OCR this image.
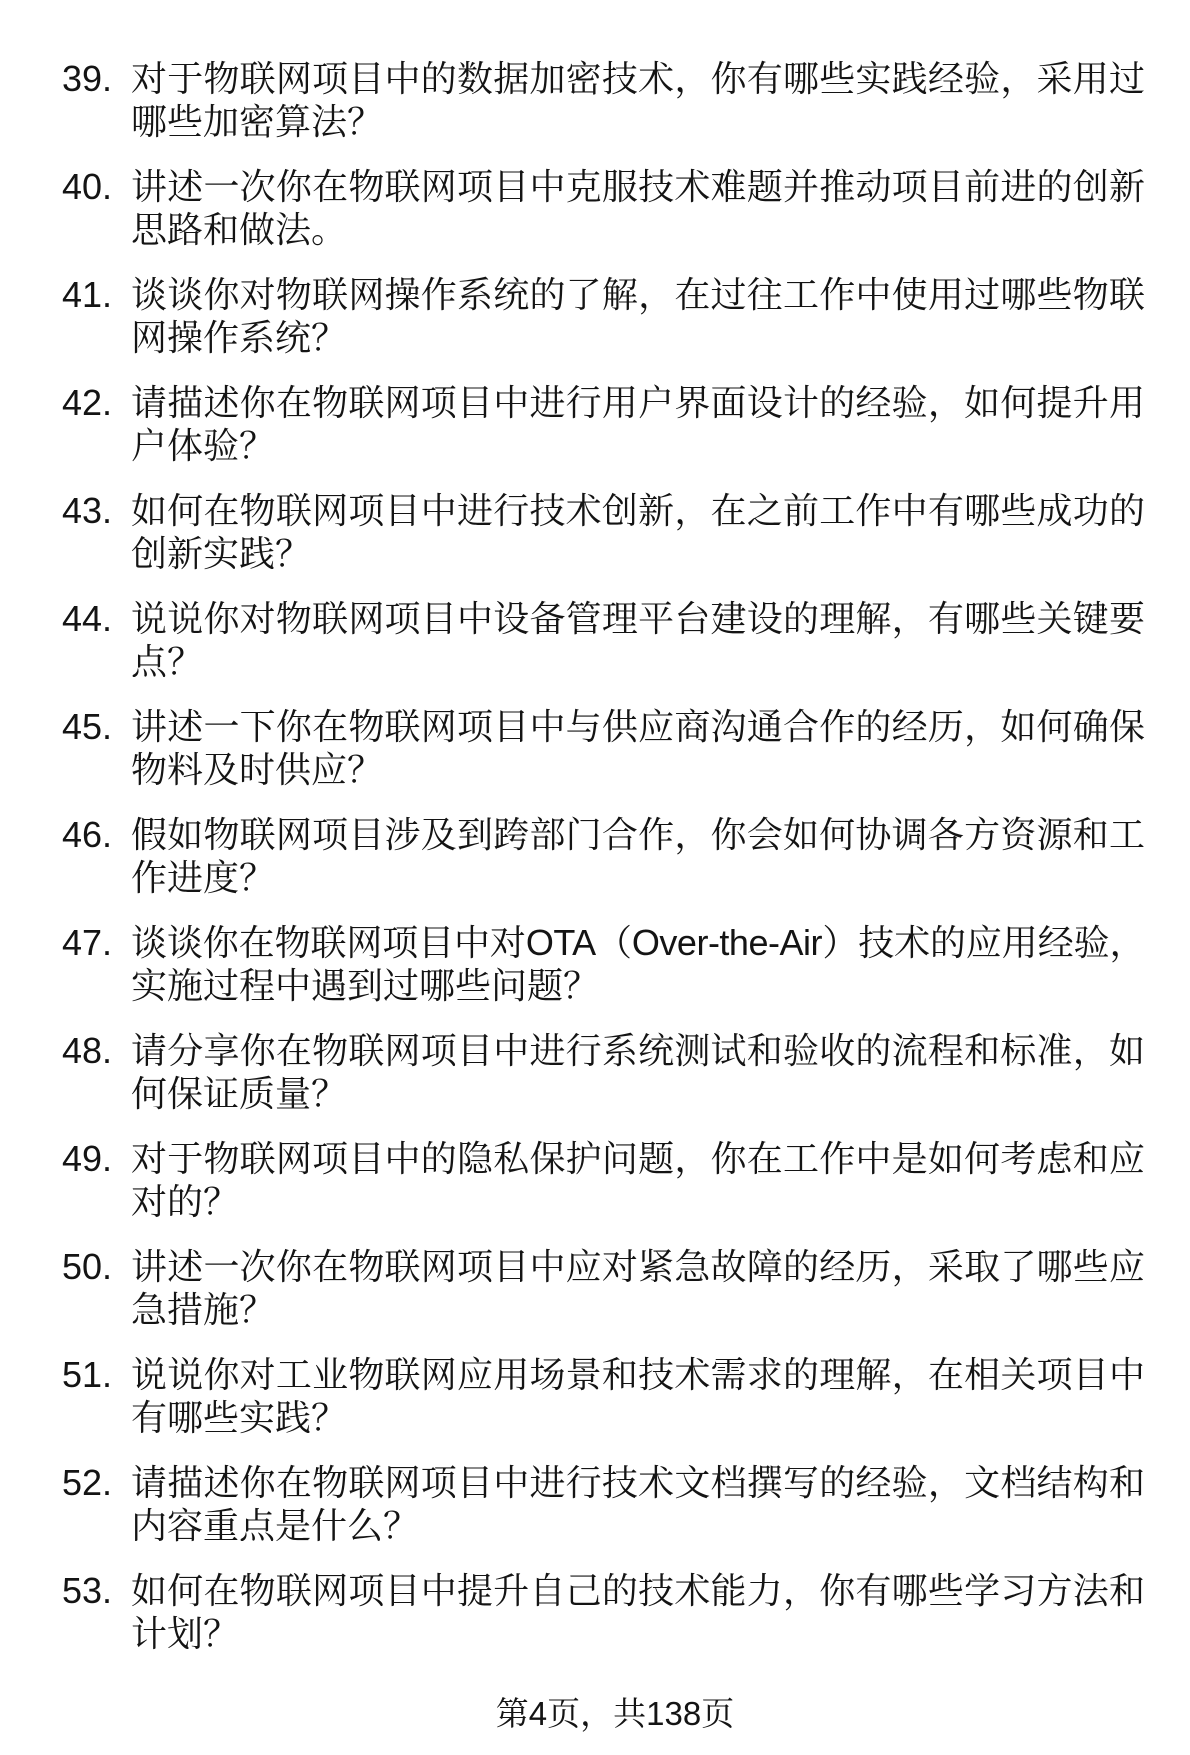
39. 对于物联网项目中的数据加密技术，你有哪些实践经验，采用过
哪些加密算法？
40. 讲述一次你在物联网项目中克服技术难题并推动项目前进的创新
思路和做法。
41. 谈谈你对物联网操作系统的了解，在过往工作中使用过哪些物联
网操作系统？
42. 请描述你在物联网项目中进行用户界面设计的经验，如何提升用
户体验？
43. 如何在物联网项目中进行技术创新，在之前工作中有哪些成功的
创新实践？
44. 说说你对物联网项目中设备管理平台建设的理解，有哪些关键要
点？
45. 讲述一下你在物联网项目中与供应商沟通合作的经历，如何确保
物料及时供应？
46. 假如物联网项目涉及到跨部门合作，你会如何协调各方资源和工
作进度？
47. 谈谈你在物联网项目中对OTA（Over-the-Air）技术的应用经验，
实施过程中遇到过哪些问题？
48. 请分享你在物联网项目中进行系统测试和验收的流程和标准，如
何保证质量？
49. 对于物联网项目中的隐私保护问题，你在工作中是如何考虑和应
对的？
50. 讲述一次你在物联网项目中应对紧急故障的经历，采取了哪些应
急措施？
51. 说说你对工业物联网应用场景和技术需求的理解，在相关项目中
有哪些实践？
52. 请描述你在物联网项目中进行技术文档撰写的经验，文档结构和
内容重点是什么？
53. 如何在物联网项目中提升自己的技术能力，你有哪些学习方法和
计划？
第4页，共138页
